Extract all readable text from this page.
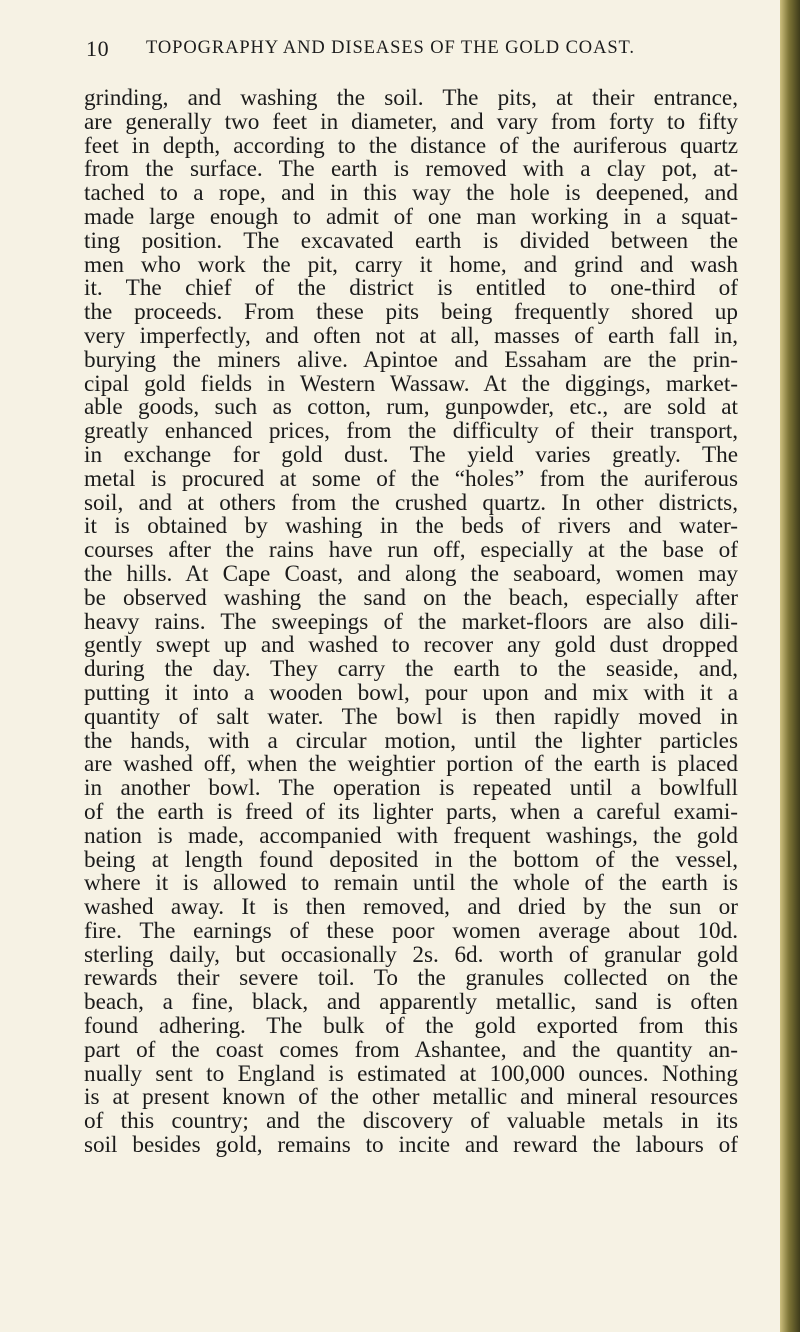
10 TOPOGRAPHY AND DISEASES OF THE GOLD COAST.
grinding, and washing the soil. The pits, at their entrance,
are generally two feet in diameter, and vary from forty to fifty
feet in depth, according to the distance of the auriferous quartz
from the surface. The earth is removed with a clay pot, at-
tached to a rope, and in this way the hole is deepened, and
made large enough to admit of one man working in a squat-
ting position. The excavated earth is divided between the
men who work the pit, carry it home, and grind and wash
it. The chief of the district is entitled to one-third of
the proceeds. From these pits being frequently shored up
very imperfectly, and often not at all, masses of earth fall in,
burying the miners alive. Apintoe and Essaham are the prin-
cipal gold fields in Western Wassaw. At the diggings, market-
able goods, such as cotton, rum, gunpowder, etc., are sold at
greatly enhanced prices, from the difficulty of their transport,
in exchange for gold dust. The yield varies greatly. The
metal is procured at some of the “holes” from the auriferous
soil, and at others from the crushed quartz. In other districts,
it is obtained by washing in the beds of rivers and water-
courses after the rains have run off, especially at the base of
the hills. At Cape Coast, and along the seaboard, women may
be observed washing the sand on the beach, especially after
heavy rains. The sweepings of the market-floors are also dili-
gently swept up and washed to recover any gold dust dropped
during the day. They carry the earth to the seaside, and,
putting it into a wooden bowl, pour upon and mix with it a
quantity of salt water. The bowl is then rapidly moved in
the hands, with a circular motion, until the lighter particles
are washed off, when the weightier portion of the earth is placed
in another bowl. The operation is repeated until a bowlfull
of the earth is freed of its lighter parts, when a careful exami-
nation is made, accompanied with frequent washings, the gold
being at length found deposited in the bottom of the vessel,
where it is allowed to remain until the whole of the earth is
washed away. It is then removed, and dried by the sun or
fire. The earnings of these poor women average about 10d.
sterling daily, but occasionally 2s. 6d. worth of granular gold
rewards their severe toil. To the granules collected on the
beach, a fine, black, and apparently metallic, sand is often
found adhering. The bulk of the gold exported from this
part of the coast comes from Ashantee, and the quantity an-
nually sent to England is estimated at 100,000 ounces. Nothing
is at present known of the other metallic and mineral resources
of this country; and the discovery of valuable metals in its
soil besides gold, remains to incite and reward the labours of
